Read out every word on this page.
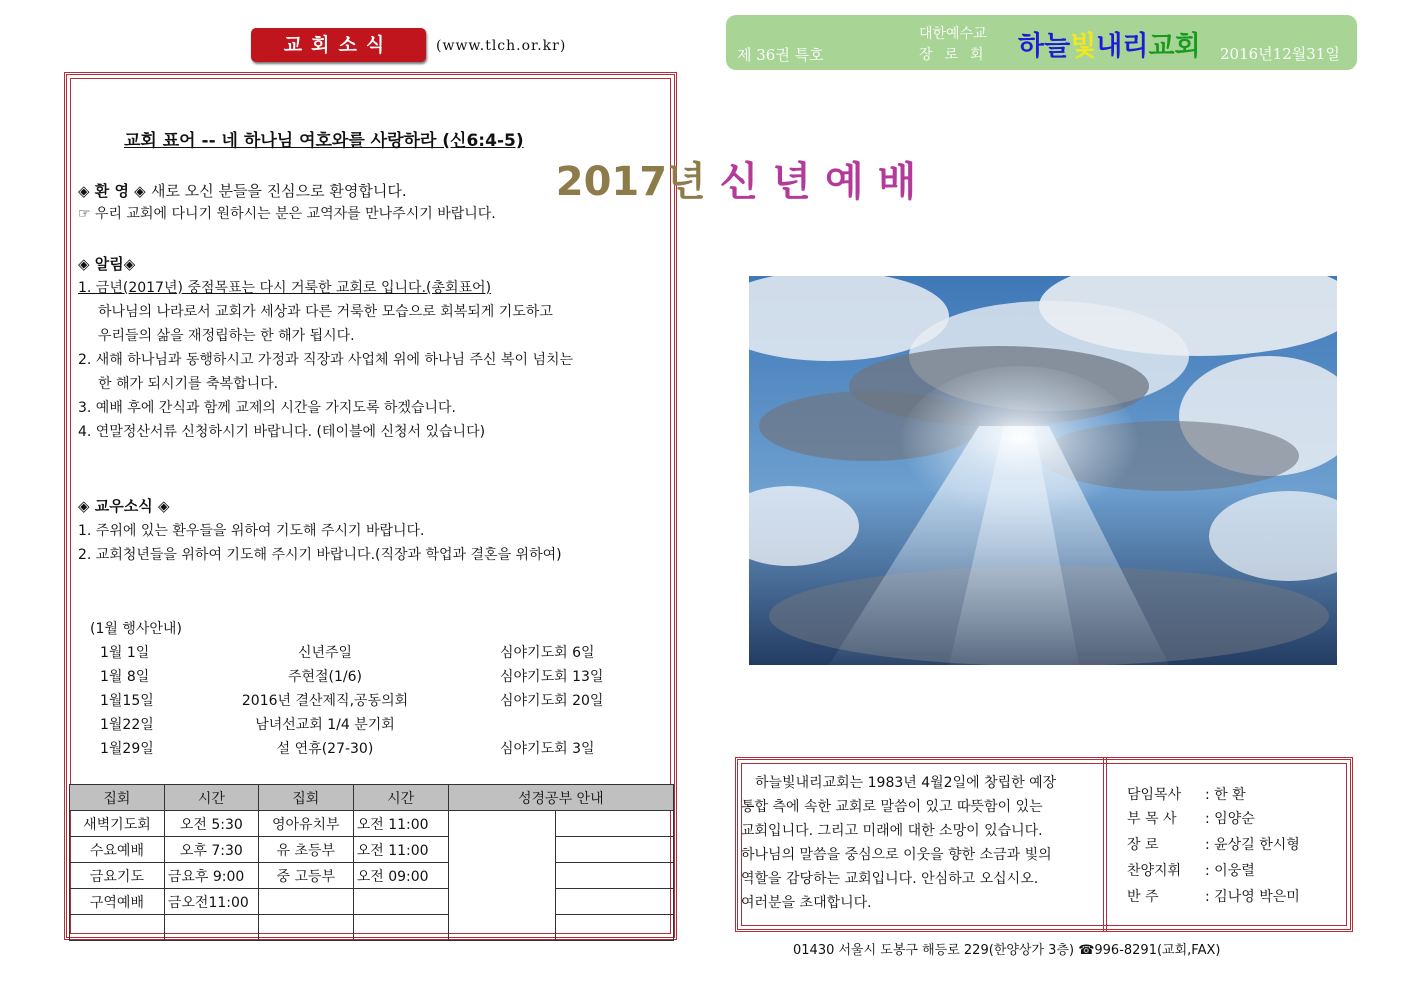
교회소식	(www.tlch.or.kr)
교회 표어 -- 네 하나님 여호와를 사랑하라 (신6:4-5)
◈ 환 영 ◈ 새로 오신 분들을 진심으로 환영합니다.
☞ 우리 교회에 다니기 원하시는 분은 교역자를 만나주시기 바랍니다.
◈ 알림◈
1. 금년(2017년) 중점목표는 다시 거룩한 교회로 입니다.(총회표어)
하나님의 나라로서 교회가 세상과 다른 거룩한 모습으로 회복되게 기도하고
우리들의 삶을 재정립하는 한 해가 됩시다.
2. 새해 하나님과 동행하시고 가정과 직장과 사업체 위에 하나님 주신 복이 넘치는
한 해가 되시기를 축복합니다.
3. 예배 후에 간식과 함께 교제의 시간을 가지도록 하겠습니다.
4. 연말정산서류 신청하시기 바랍니다. (테이블에 신청서 있습니다)
◈ 교우소식 ◈
1. 주위에 있는 환우들을 위하여 기도해 주시기 바랍니다.
2. 교회청년들을 위하여 기도해 주시기 바랍니다.(직장과 학업과 결혼을 위하여)
(1월 행사안내)
1월 1일	신년주일	심야기도회 6일
1월 8일	주현절(1/6)	심야기도회 13일
1월15일	2016년 결산제직,공동의회	심야기도회 20일
1월22일	남녀선교회 1/4 분기회
1월29일	설 연휴(27-30)	심야기도회 3일
집회	시간	집회	시간	성경공부 안내	
새벽기도회	오전 5:30	영아유치부	오전 11:00		
수요예배	오후 7:30	유 초등부	오전 11:00		
금요기도	금요후 9:00	중 고등부	오전 09:00		
구역예배	금오전11:00				

제 36권 특호
대한예수교
장로회 하늘빛내리교회 2016년12월31일
2017년 신년예배
하늘빛내리교회는 1983년 4월2일에 창립한 예장
통합 측에 속한 교회로 말씀이 있고 따뜻함이 있는
교회입니다. 그리고 미래에 대한 소망이 있습니다.
하나님의 말씀을 중심으로 이웃을 향한 소금과 빛의
역할을 감당하는 교회입니다. 안심하고 오십시오.
여러분을 초대합니다.
담임목사 : 한 환
부 목 사 : 임양순
장 로	: 윤상길 한시형
찬양지휘 : 이웅렬
반 주	: 김나영 박은미
01430 서울시 도봉구 해등로 229(한양상가 3층) ☎996-8291(교회,FAX)
